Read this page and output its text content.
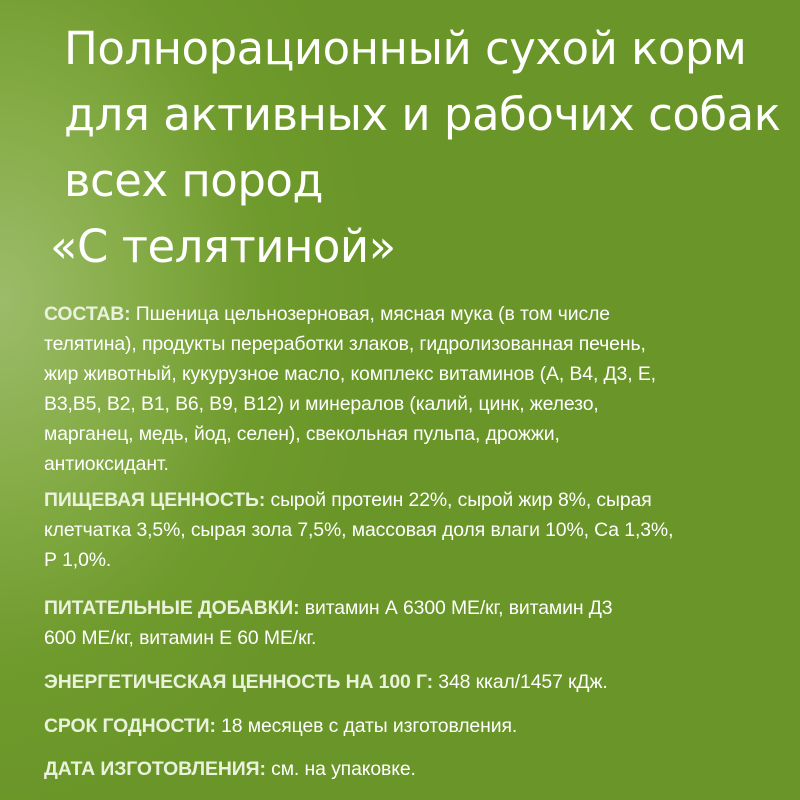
Полнорационный сухой корм
для активных и рабочих собак
всех пород
«С телятиной»
СОСТАВ: Пшеница цельнозерновая, мясная мука (в том числе
телятина), продукты переработки злаков, гидролизованная печень,
жир животный, кукурузное масло, комплекс витаминов (А, В4, Д3, Е,
В3,В5, В2, В1, В6, В9, В12) и минералов (калий, цинк, железо,
марганец, медь, йод, селен), свекольная пульпа, дрожжи,
антиоксидант.
ПИЩЕВАЯ ЦЕННОСТЬ: сырой протеин 22%, сырой жир 8%, сырая
клетчатка 3,5%, сырая зола 7,5%, массовая доля влаги 10%, Са 1,3%,
Р 1,0%.
ПИТАТЕЛЬНЫЕ ДОБАВКИ: витамин А 6300 МЕ/кг, витамин Д3
600 МЕ/кг, витамин Е 60 МЕ/кг.
ЭНЕРГЕТИЧЕСКАЯ ЦЕННОСТЬ НА 100 Г: 348 ккал/1457 кДж.
СРОК ГОДНОСТИ: 18 месяцев с даты изготовления.
ДАТА ИЗГОТОВЛЕНИЯ: см. на упаковке.
